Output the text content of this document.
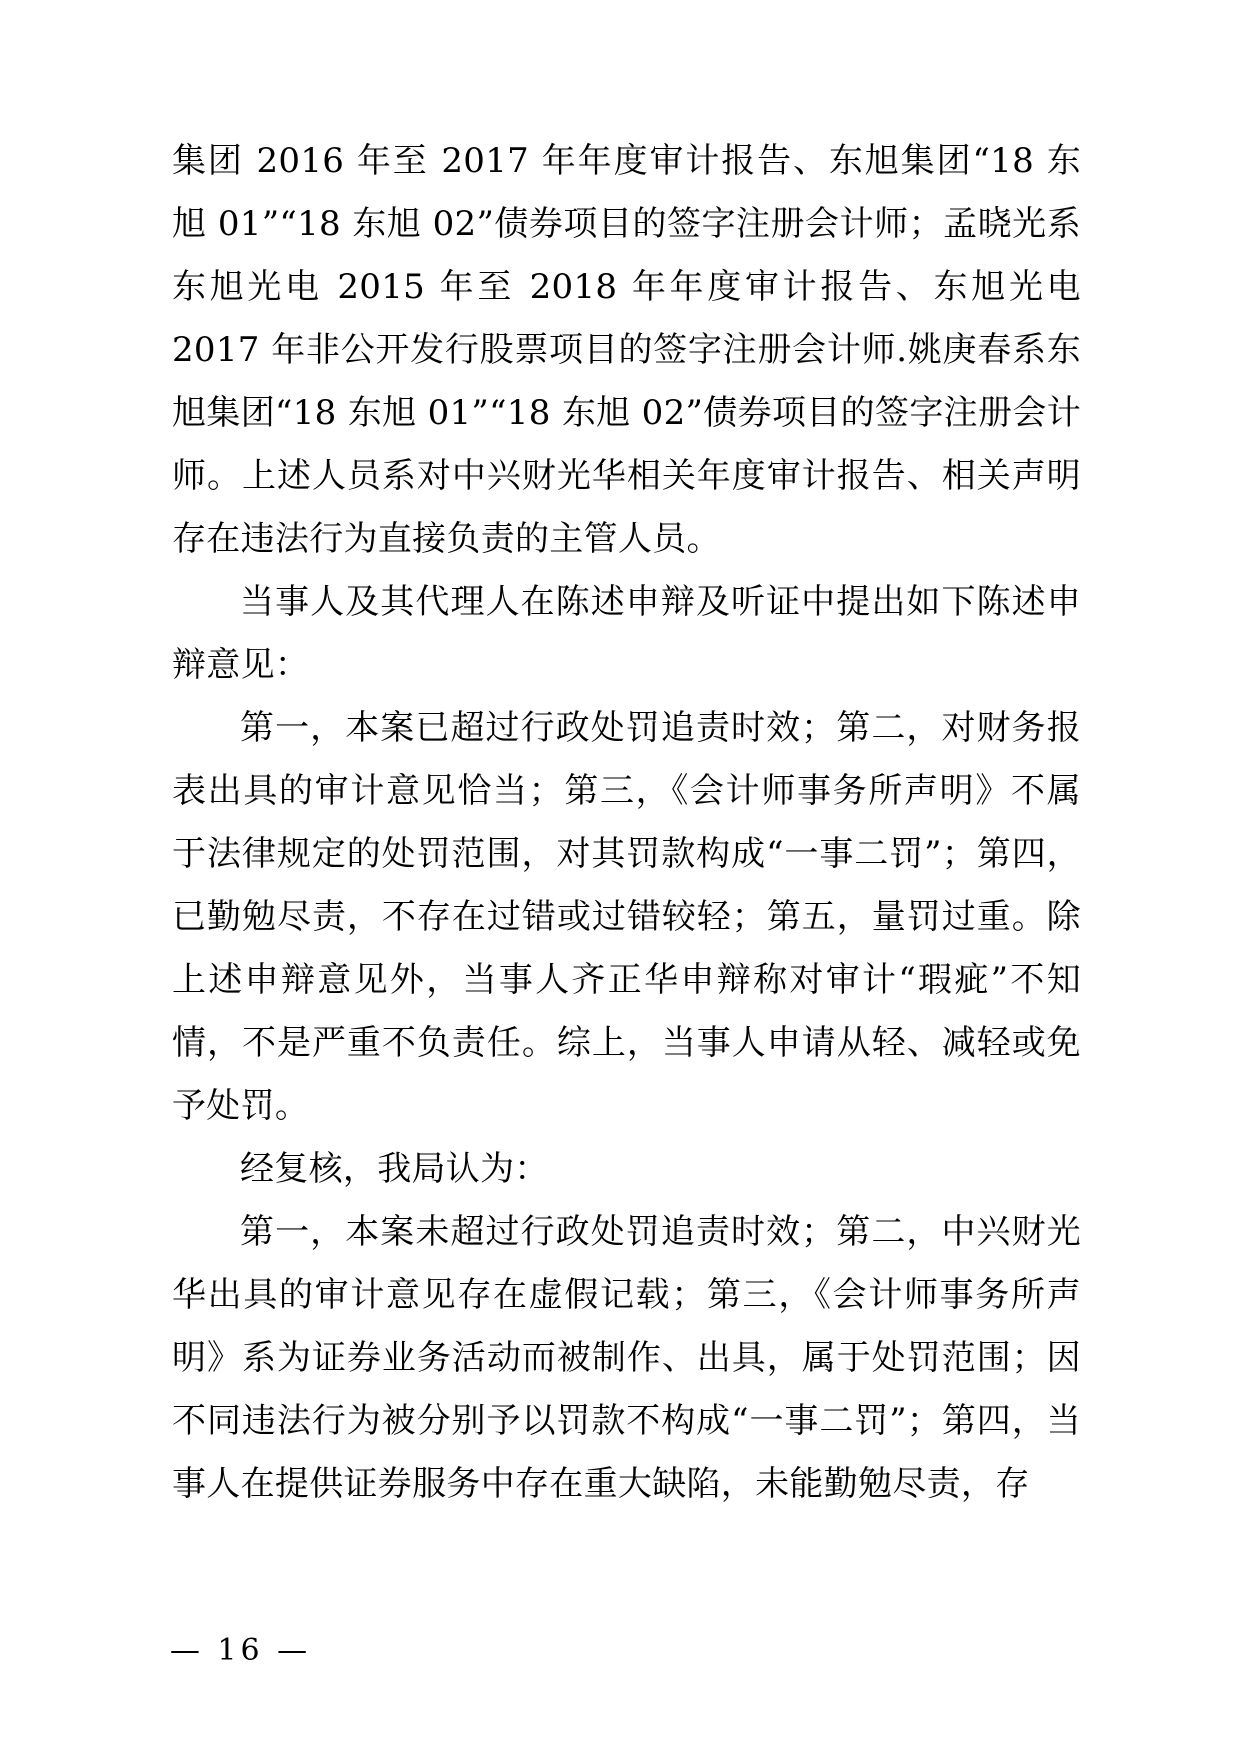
集团 2016 年至 2017 年年度审计报告、东旭集团“18 东旭 01”“18 东旭 02”债券项目的签字注册会计师；孟晓光系东旭光电 2015 年至 2018 年年度审计报告、东旭光电 2017 年非公开发行股票项目的签字注册会计师.姚庚春系东旭集团“18 东旭 01”“18 东旭 02”债券项目的签字注册会计师。上述人员系对中兴财光华相关年度审计报告、相关声明存在违法行为直接负责的主管人员。

当事人及其代理人在陈述申辩及听证中提出如下陈述申辩意见：

第一，本案已超过行政处罚追责时效；第二，对财务报表出具的审计意见恰当；第三，《会计师事务所声明》不属于法律规定的处罚范围，对其罚款构成“一事二罚”；第四，已勤勉尽责，不存在过错或过错较轻；第五，量罚过重。除上述申辩意见外，当事人齐正华申辩称对审计“瑕疵”不知情，不是严重不负责任。综上，当事人申请从轻、减轻或免予处罚。

经复核，我局认为：

第一，本案未超过行政处罚追责时效；第二，中兴财光华出具的审计意见存在虚假记载；第三，《会计师事务所声明》系为证券业务活动而被制作、出具，属于处罚范围；因不同违法行为被分别予以罚款不构成“一事二罚”；第四，当事人在提供证券服务中存在重大缺陷，未能勤勉尽责，存

— 16 —
